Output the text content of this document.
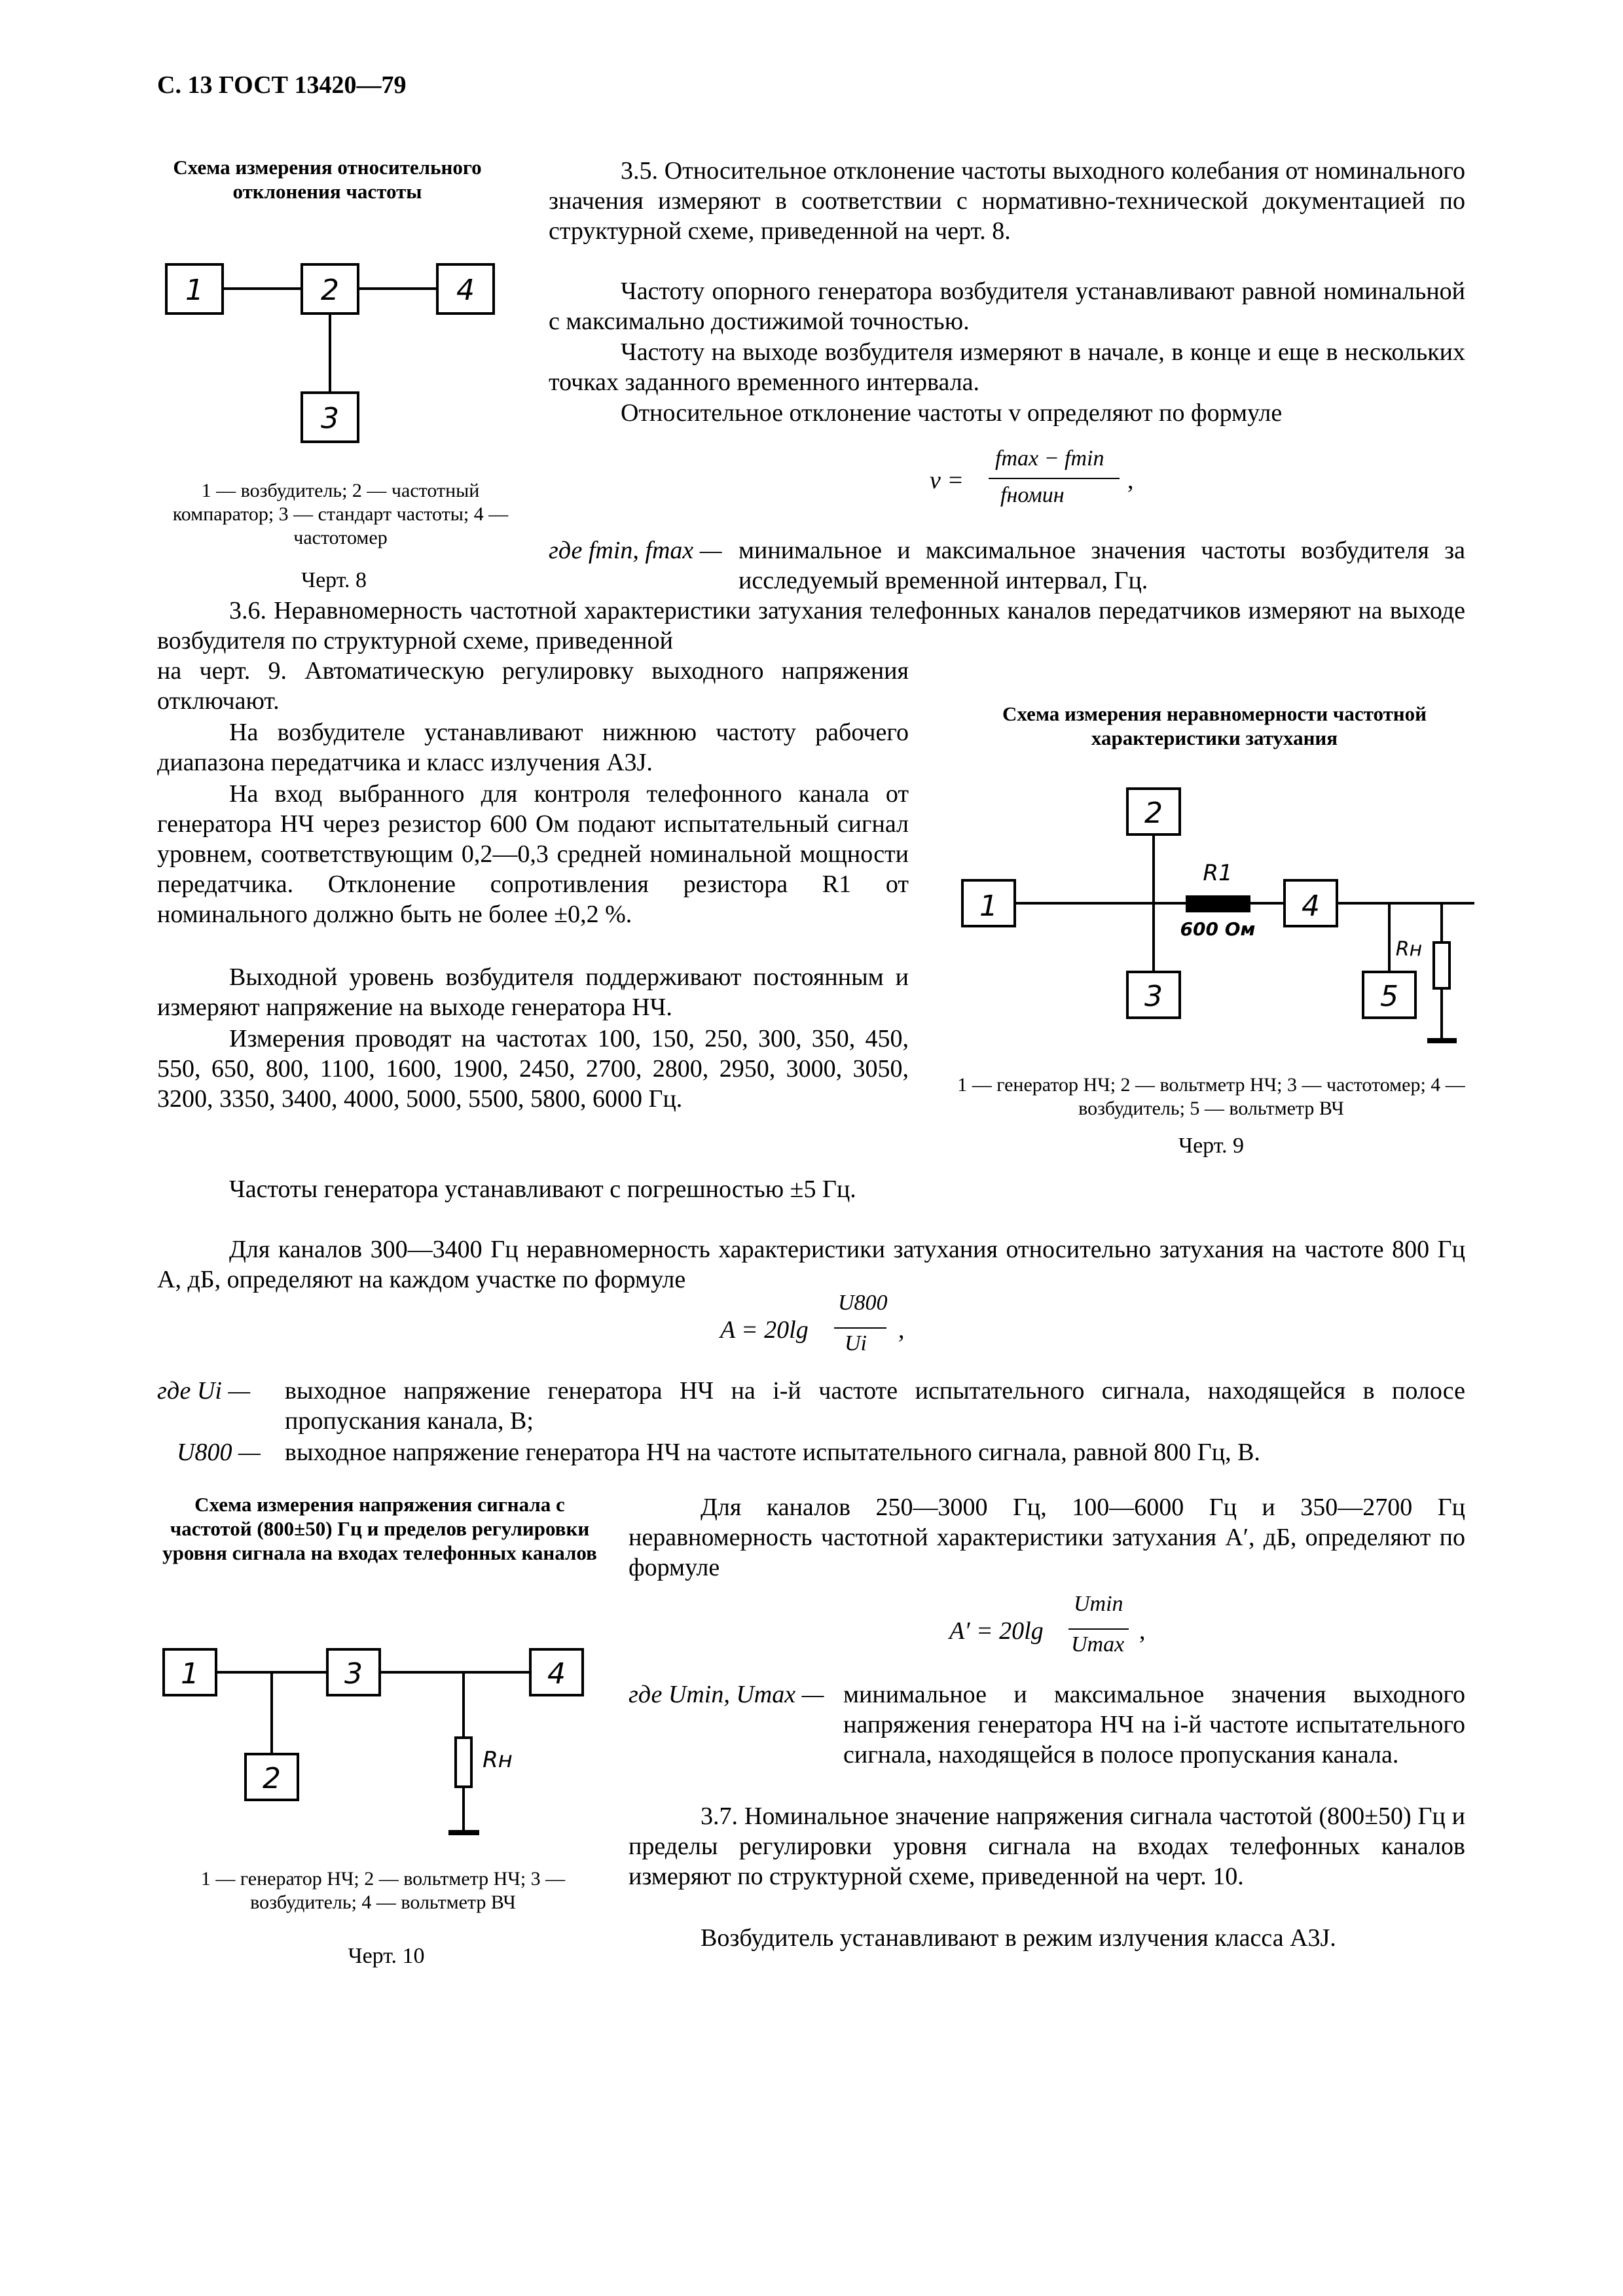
С. 13 ГОСТ 13420—79
Схема измерения относительного отклонения частоты
1	2	4
3
1 — возбудитель; 2 — частотный компаратор; 3 — стандарт частоты; 4 — частотомер
Черт. 8
3.5. Относительное отклонение частоты выходного колебания от номинального значения измеряют в соответствии с нормативно-технической документацией по структурной схеме, приведенной на черт. 8.
Частоту опорного генератора возбудителя устанавливают равной номинальной с максимально достижимой точностью.
Частоту на выходе возбудителя измеряют в начале, в конце и еще в нескольких точках заданного временного интервала.
Относительное отклонение частоты v определяют по формуле
v =
fmax − fmin
fномин
,
где fmin, fmax — минимальное и максимальное значения частоты возбудителя за исследуемый временной интервал, Гц.
3.6. Неравномерность частотной характеристики затухания телефонных каналов передатчиков измеряют на выходе возбудителя по структурной схеме, приведенной
на черт. 9. Автоматическую регулировку выходного напряжения отключают.
На возбудителе устанавливают нижнюю частоту рабочего диапазона передатчика и класс излучения A3J.
На вход выбранного для контроля телефонного канала от генератора НЧ через резистор 600 Ом подают испытательный сигнал уровнем, соответствующим 0,2—0,3 средней номинальной мощности передатчика. Отклонение сопротивления резистора R1 от номинального должно быть не более ±0,2 %.
Выходной уровень возбудителя поддерживают постоянным и измеряют напряжение на выходе генератора НЧ.
Измерения проводят на частотах 100, 150, 250, 300, 350, 450, 550, 650, 800, 1100, 1600, 1900, 2450, 2700, 2800, 2950, 3000, 3050, 3200, 3350, 3400, 4000, 5000, 5500, 5800, 6000 Гц.
Частоты генератора устанавливают с погрешностью ±5 Гц.
Для каналов 300—3400 Гц неравномерность характеристики затухания относительно затухания на частоте 800 Гц A, дБ, определяют на каждом участке по формуле
Схема измерения неравномерности частотной характеристики затухания
1
2
3
4
5
R1
600 Ом
Rн
1 — генератор НЧ; 2 — вольтметр НЧ; 3 — частотомер; 4 — возбудитель; 5 — вольтметр ВЧ
Черт. 9
A = 20lg
U800
Ui ,
где Ui — выходное напряжение генератора НЧ на i-й частоте испытательного сигнала, находящейся в полосе пропускания канала, В;
U800 — выходное напряжение генератора НЧ на частоте испытательного сигнала, равной 800 Гц, В.
Схема измерения напряжения сигнала с частотой (800±50) Гц и пределов регулировки уровня сигнала на входах телефонных каналов
1	3	4
2
Rн
1 — генератор НЧ; 2 — вольтметр НЧ; 3 — возбудитель; 4 — вольтметр ВЧ
Черт. 10
Для каналов 250—3000 Гц, 100—6000 Гц и 350—2700 Гц неравномерность частотной характеристики затухания A′, дБ, определяют по формуле
A′ = 20lg
Umin
Umax ,
где Umin, Umax — минимальное и максимальное значения выходного напряжения генератора НЧ на i-й частоте испытательного сигнала, находящейся в полосе пропускания канала.
3.7. Номинальное значение напряжения сигнала частотой (800±50) Гц и пределы регулировки уровня сигнала на входах телефонных каналов измеряют по структурной схеме, приведенной на черт. 10.
Возбудитель устанавливают в режим излучения класса A3J.
